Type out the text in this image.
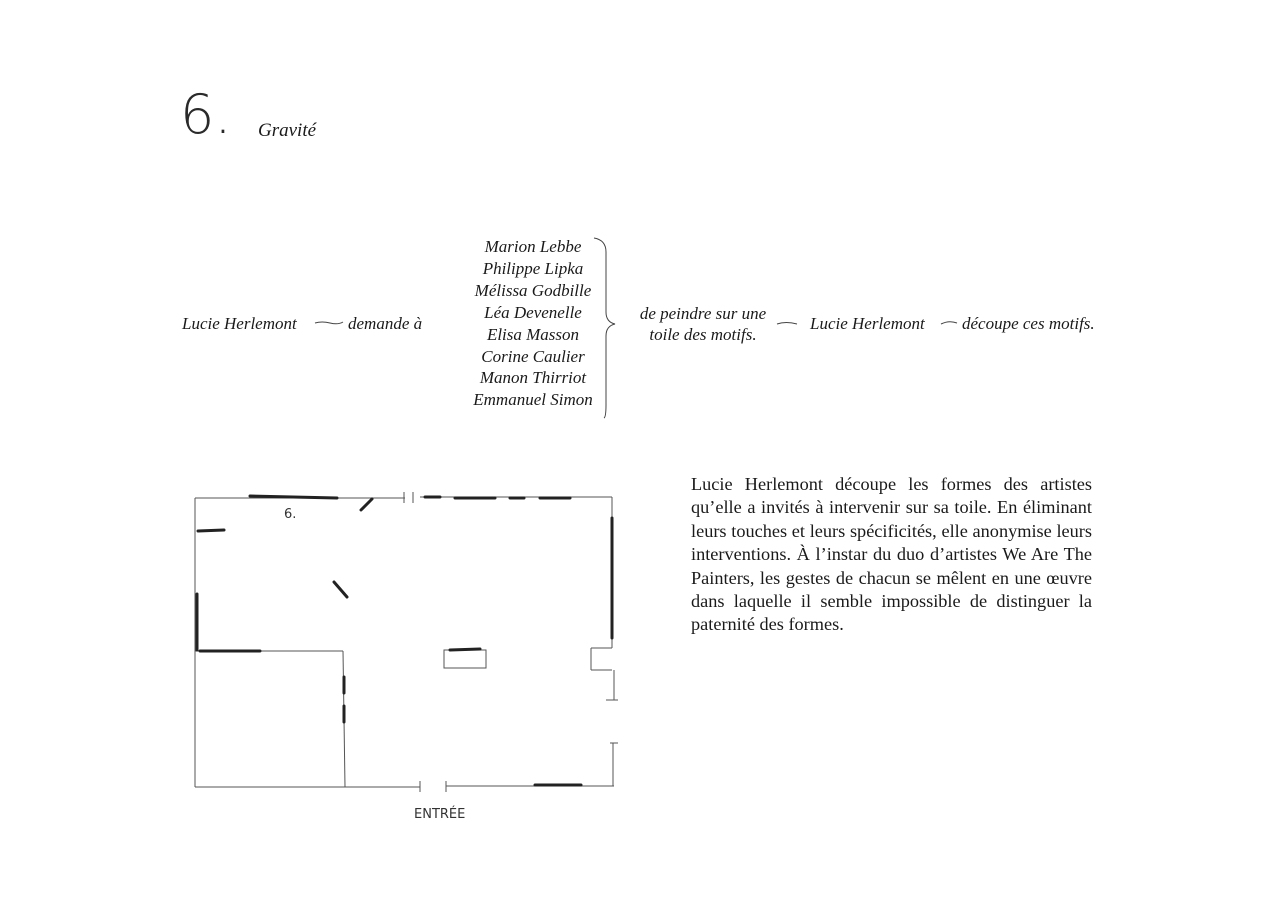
6. Gravité
Lucie Herlemont	demande à
Marion Lebbe
Philippe Lipka
Mélissa Godbille
Léa Devenelle
Elisa Masson
Corine Caulier
Manon Thirriot
Emmanuel Simon
de peindre sur une
toile des motifs.
Lucie Herlemont découpe ces motifs.
6.
ENTRÉE
Lucie Herlemont découpe les formes des artistes qu’elle a invités à intervenir sur sa toile. En éliminant leurs touches et leurs spécificités, elle anonymise leurs interventions. À l’instar du duo d’artistes We Are The Painters, les gestes de chacun se mêlent en une œuvre dans laquelle il semble impossible de distinguer la paternité des formes.
